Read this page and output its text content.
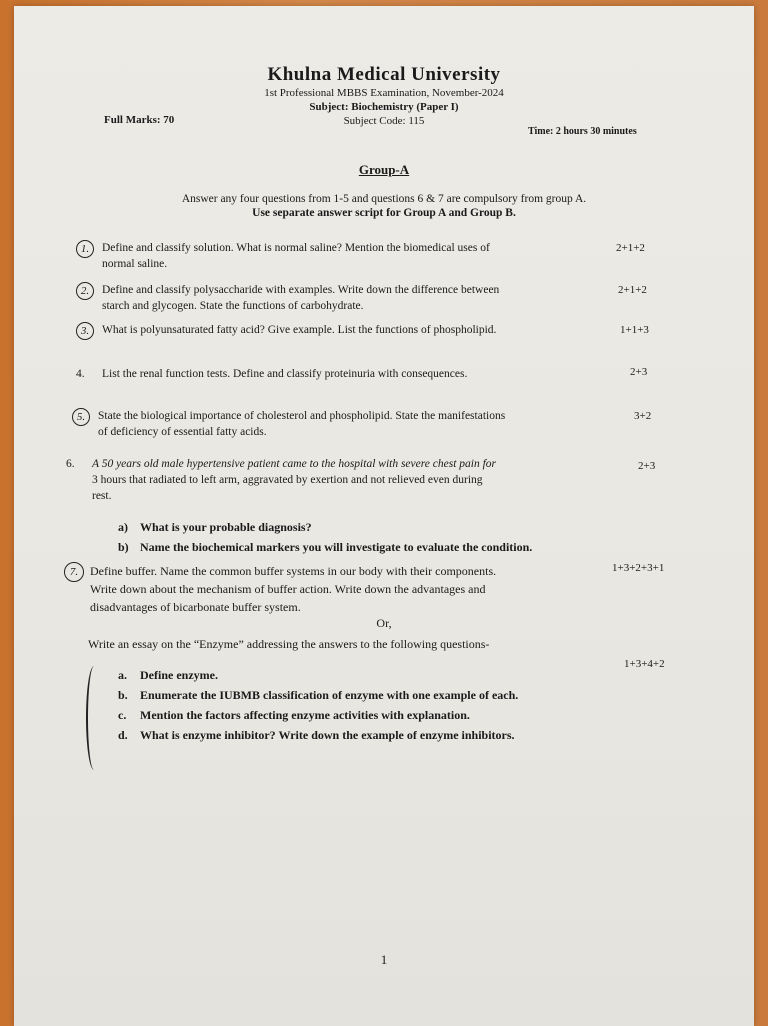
Khulna Medical University
1st Professional MBBS Examination, November-2024
Subject: Biochemistry (Paper I)
Subject Code: 115
Full Marks: 70
Time: 2 hours 30 minutes
Group-A
Answer any four questions from 1-5 and questions 6 & 7 are compulsory from group A.
Use separate answer script for Group A and Group B.
1.	Define and classify solution. What is normal saline? Mention the biomedical uses of
normal saline.
2+1+2
2.	Define and classify polysaccharide with examples. Write down the difference between
starch and glycogen. State the functions of carbohydrate.
2+1+2
3.	What is polyunsaturated fatty acid? Give example. List the functions of phospholipid.	1+1+3
4. List the renal function tests. Define and classify proteinuria with consequences.	2+3
5.	State the biological importance of cholesterol and phospholipid. State the manifestations
of deficiency of essential fatty acids.
3+2
6. A 50 years old male hypertensive patient came to the hospital with severe chest pain for
3 hours that radiated to left arm, aggravated by exertion and not relieved even during
rest.
2+3
a) What is your probable diagnosis?
b) Name the biochemical markers you will investigate to evaluate the condition.
7. Define buffer. Name the common buffer systems in our body with their components.
Write down about the mechanism of buffer action. Write down the advantages and
disadvantages of bicarbonate buffer system.
1+3+2+3+1
Or,
Write an essay on the “Enzyme” addressing the answers to the following questions-
1+3+4+2
a. Define enzyme.
b. Enumerate the IUBMB classification of enzyme with one example of each.
c. Mention the factors affecting enzyme activities with explanation.
d. What is enzyme inhibitor? Write down the example of enzyme inhibitors.
1
